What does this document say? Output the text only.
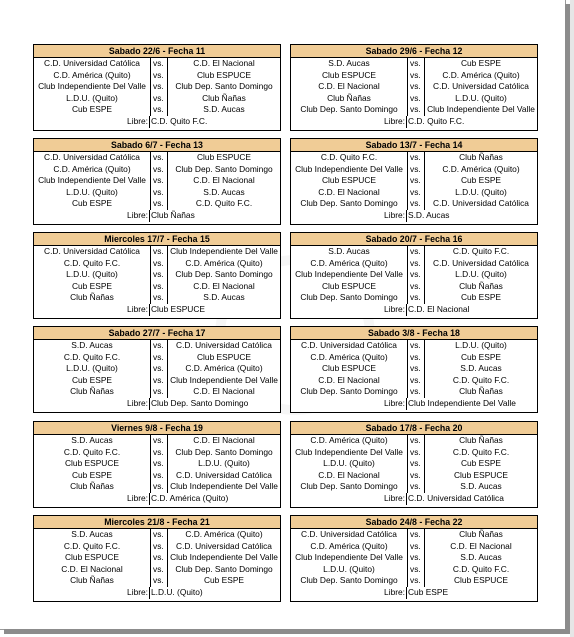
Sabado 22/6 - Fecha 11
C.D. Universidad Católica	vs.	C.D. El Nacional
C.D. América (Quito)	vs.	Club ESPUCE
Club Independiente Del Valle vs.	Club Dep. Santo Domingo
L.D.U. (Quito)	vs.	Club Ñañas
Cub ESPE	vs.	S.D. Aucas
Libre: C.D. Quito F.C.
Sabado 29/6 - Fecha 12
S.D. Aucas	vs.	Cub ESPE
Club ESPUCE	vs.	C.D. América (Quito)
C.D. El Nacional	vs.	C.D. Universidad Católica
Club Ñañas	vs.	L.D.U. (Quito)
Club Dep. Santo Domingo	vs. Club Independiente Del Valle
Libre: C.D. Quito F.C.
Sabado 6/7 - Fecha 13
C.D. Universidad Católica	vs.	Club ESPUCE
C.D. América (Quito)	vs.	Club Dep. Santo Domingo
Club Independiente Del Valle vs.	C.D. El Nacional
L.D.U. (Quito)	vs.	S.D. Aucas
Cub ESPE	vs.	C.D. Quito F.C.
Libre: Club Ñañas
Sabado 13/7 - Fecha 14
C.D. Quito F.C.	vs.	Club Ñañas
Club Independiente Del Valle vs.	C.D. América (Quito)
Club ESPUCE	vs.	Cub ESPE
C.D. El Nacional	vs.	L.D.U. (Quito)
Club Dep. Santo Domingo	vs.	C.D. Universidad Católica
Libre: S.D. Aucas
Miercoles 17/7 - Fecha 15
C.D. Universidad Católica	vs. Club Independiente Del Valle
C.D. Quito F.C.	vs.	C.D. América (Quito)
L.D.U. (Quito)	vs.	Club Dep. Santo Domingo
Cub ESPE	vs.	C.D. El Nacional
Club Ñañas	vs.	S.D. Aucas
Libre: Club ESPUCE
Sabado 20/7 - Fecha 16
S.D. Aucas	vs.	C.D. Quito F.C.
C.D. América (Quito)	vs.	C.D. Universidad Católica
Club Independiente Del Valle vs.	L.D.U. (Quito)
Club ESPUCE	vs.	Club Ñañas
Club Dep. Santo Domingo	vs.	Cub ESPE
Libre: C.D. El Nacional
Sabado 27/7 - Fecha 17
S.D. Aucas	vs.	C.D. Universidad Católica
C.D. Quito F.C.	vs.	Club ESPUCE
L.D.U. (Quito)	vs.	C.D. América (Quito)
Cub ESPE	vs. Club Independiente Del Valle
Club Ñañas	vs.	C.D. El Nacional
Libre: Club Dep. Santo Domingo
Sabado 3/8 - Fecha 18
C.D. Universidad Católica	vs.	L.D.U. (Quito)
C.D. América (Quito)	vs.	Cub ESPE
Club ESPUCE	vs.	S.D. Aucas
C.D. El Nacional	vs.	C.D. Quito F.C.
Club Dep. Santo Domingo	vs.	Club Ñañas
Libre: Club Independiente Del Valle
Viernes 9/8 - Fecha 19
S.D. Aucas	vs.	C.D. El Nacional
C.D. Quito F.C.	vs.	Club Dep. Santo Domingo
Club ESPUCE	vs.	L.D.U. (Quito)
Cub ESPE	vs.	C.D. Universidad Católica
Club Ñañas	vs. Club Independiente Del Valle
Libre: C.D. América (Quito)
Sabado 17/8 - Fecha 20
C.D. América (Quito)	vs.	Club Ñañas
Club Independiente Del Valle vs.	C.D. Quito F.C.
L.D.U. (Quito)	vs.	Cub ESPE
C.D. El Nacional	vs.	Club ESPUCE
Club Dep. Santo Domingo	vs.	S.D. Aucas
Libre: C.D. Universidad Católica
Miercoles 21/8 - Fecha 21
S.D. Aucas	vs.	C.D. América (Quito)
C.D. Quito F.C.	vs.	C.D. Universidad Católica
Club ESPUCE	vs. Club Independiente Del Valle
C.D. El Nacional	vs.	Club Dep. Santo Domingo
Club Ñañas	vs.	Cub ESPE
Libre: L.D.U. (Quito)
Sabado 24/8 - Fecha 22
C.D. Universidad Católica	vs.	Club Ñañas
C.D. América (Quito)	vs.	C.D. El Nacional
Club Independiente Del Valle vs.	S.D. Aucas
L.D.U. (Quito)	vs.	C.D. Quito F.C.
Club Dep. Santo Domingo	vs.	Club ESPUCE
Libre: Cub ESPE
